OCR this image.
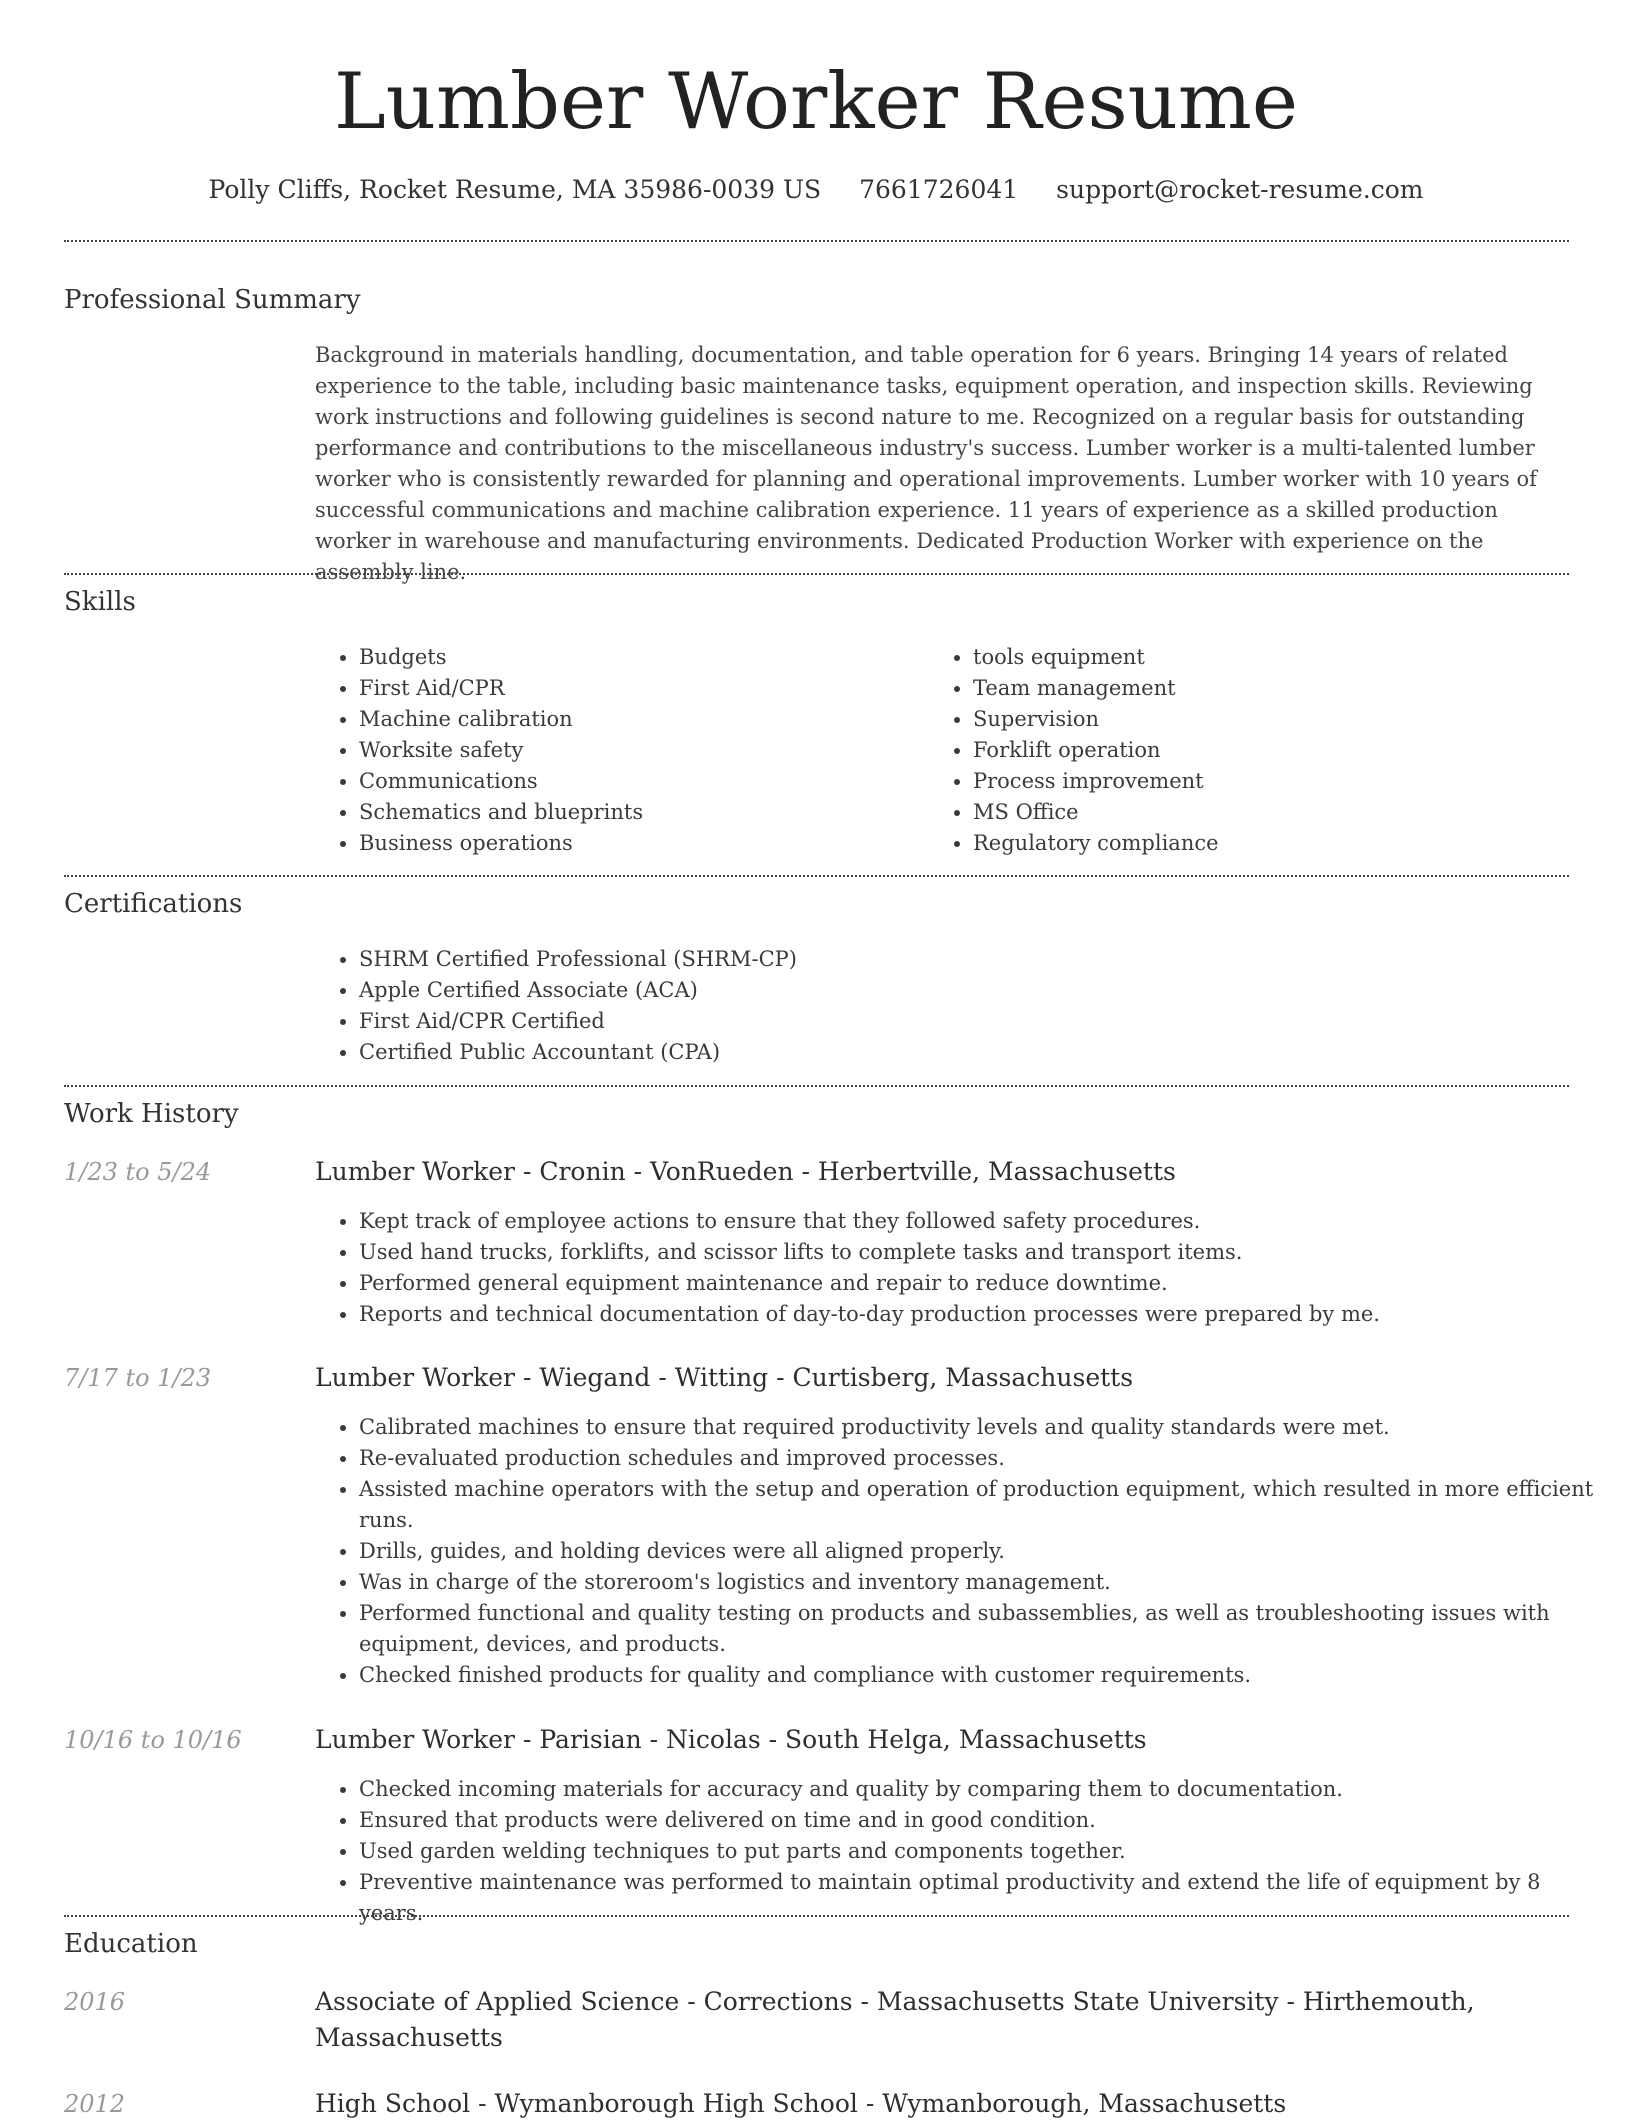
Lumber Worker Resume
Polly Cliffs, Rocket Resume, MA 35986-0039 US 7661726041 support@rocket-resume.com
Professional Summary

Background in materials handling, documentation, and table operation for 6 years. Bringing 14 years of related experience to the table, including basic maintenance tasks, equipment operation, and inspection skills. Reviewing work instructions and following guidelines is second nature to me. Recognized on a regular basis for outstanding performance and contributions to the miscellaneous industry's success. Lumber worker is a multi-talented lumber worker who is consistently rewarded for planning and operational improvements. Lumber worker with 10 years of successful communications and machine calibration experience. 11 years of experience as a skilled production worker in warehouse and manufacturing environments. Dedicated Production Worker with experience on the assembly line.

Skills
• Budgets
• First Aid/CPR
• Machine calibration
• Worksite safety
• Communications
• Schematics and blueprints
• Business operations
• tools equipment
• Team management
• Supervision
• Forklift operation
• Process improvement
• MS Office
• Regulatory compliance
Certifications
• SHRM Certified Professional (SHRM-CP)
• Apple Certified Associate (ACA)
• First Aid/CPR Certified
• Certified Public Accountant (CPA)
Work History
1/23 to 5/24	Lumber Worker - Cronin - VonRueden - Herbertville, Massachusetts
• Kept track of employee actions to ensure that they followed safety procedures.
• Used hand trucks, forklifts, and scissor lifts to complete tasks and transport items.
• Performed general equipment maintenance and repair to reduce downtime.
• Reports and technical documentation of day-to-day production processes were prepared by me.
7/17 to 1/23	Lumber Worker - Wiegand - Witting - Curtisberg, Massachusetts
• Calibrated machines to ensure that required productivity levels and quality standards were met.
• Re-evaluated production schedules and improved processes.
• Assisted machine operators with the setup and operation of production equipment, which resulted in more efficient runs.
• Drills, guides, and holding devices were all aligned properly.
• Was in charge of the storeroom's logistics and inventory management.
• Performed functional and quality testing on products and subassemblies, as well as troubleshooting issues with equipment, devices, and products.
• Checked finished products for quality and compliance with customer requirements.
10/16 to 10/16	Lumber Worker - Parisian - Nicolas - South Helga, Massachusetts
• Checked incoming materials for accuracy and quality by comparing them to documentation.
• Ensured that products were delivered on time and in good condition.
• Used garden welding techniques to put parts and components together.
• Preventive maintenance was performed to maintain optimal productivity and extend the life of equipment by 8 years.
Education
2016	Associate of Applied Science - Corrections - Massachusetts State University - Hirthemouth, Massachusetts
2012	High School - Wymanborough High School - Wymanborough, Massachusetts
